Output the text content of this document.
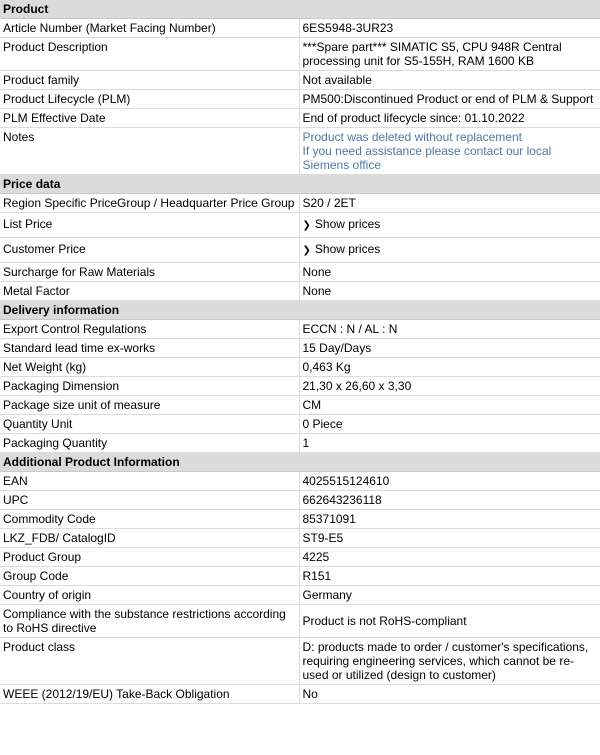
Product	
Article Number (Market Facing Number)	6ES5948-3UR23
Product Description	***Spare part*** SIMATIC S5, CPU 948R Central processing unit for S5-155H, RAM 1600 KB
Product family	Not available
Product Lifecycle (PLM)	PM500:Discontinued Product or end of PLM & Support
PLM Effective Date	End of product lifecycle since: 01.10.2022
Notes	Product was deleted without replacement
If you need assistance please contact our local Siemens office

Price data	
Region Specific PriceGroup / Headquarter Price Group	S20 / 2ET
List Price	❯ Show prices
Customer Price	❯ Show prices
Surcharge for Raw Materials	None
Metal Factor	None
Delivery information	
Export Control Regulations	ECCN : N / AL : N
Standard lead time ex-works	15 Day/Days
Net Weight (kg)	0,463 Kg
Packaging Dimension	21,30 x 26,60 x 3,30
Package size unit of measure	CM
Quantity Unit	0 Piece
Packaging Quantity	1
Additional Product Information	
EAN	4025515124610
UPC	662643236118
Commodity Code	85371091
LKZ_FDB/ CatalogID	ST9-E5
Product Group	4225
Group Code	R151
Country of origin	Germany
Compliance with the substance restrictions according to RoHS directive	Product is not RoHS-compliant
Product class	D: products made to order / customer's specifications, requiring engineering services, which cannot be re-used or utilized (design to customer)
WEEE (2012/19/EU) Take-Back Obligation	No
